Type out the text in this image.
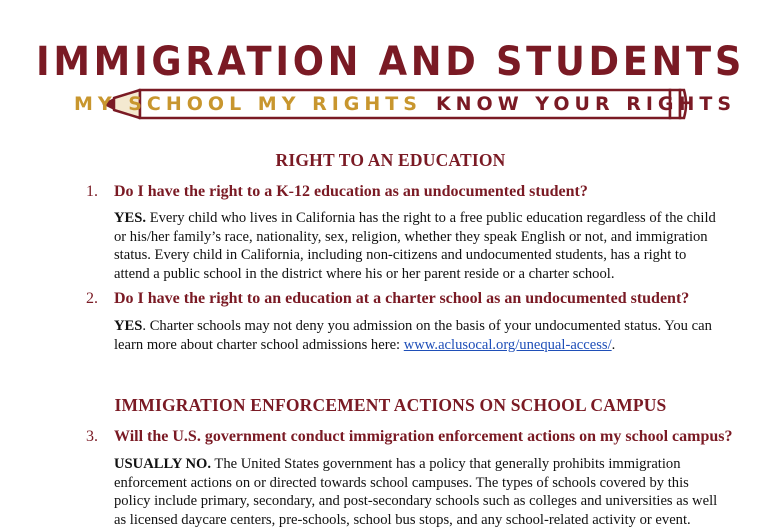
IMMIGRATION AND STUDENTS
MY SCHOOL MY RIGHTS KNOW YOUR RIGHTS
RIGHT TO AN EDUCATION
1. Do I have the right to a K-12 education as an undocumented student?

YES. Every child who lives in California has the right to a free public education regardless of the child or his/her family’s race, nationality, sex, religion, whether they speak English or not, and immigration status. Every child in California, including non-citizens and undocumented students, has a right to attend a public school in the district where his or her parent reside or a charter school.

2. Do I have the right to an education at a charter school as an undocumented student?

YES. Charter schools may not deny you admission on the basis of your undocumented status. You can learn more about charter school admissions here: www.aclusocal.org/unequal-access/.

IMMIGRATION ENFORCEMENT ACTIONS ON SCHOOL CAMPUS
3. Will the U.S. government conduct immigration enforcement actions on my school campus?

USUALLY NO. The United States government has a policy that generally prohibits immigration enforcement actions on or directed towards school campuses. The types of schools covered by this policy include primary, secondary, and post-secondary schools such as colleges and universities as well as licensed daycare centers, pre-schools, school bus stops, and any school-related activity or event.
